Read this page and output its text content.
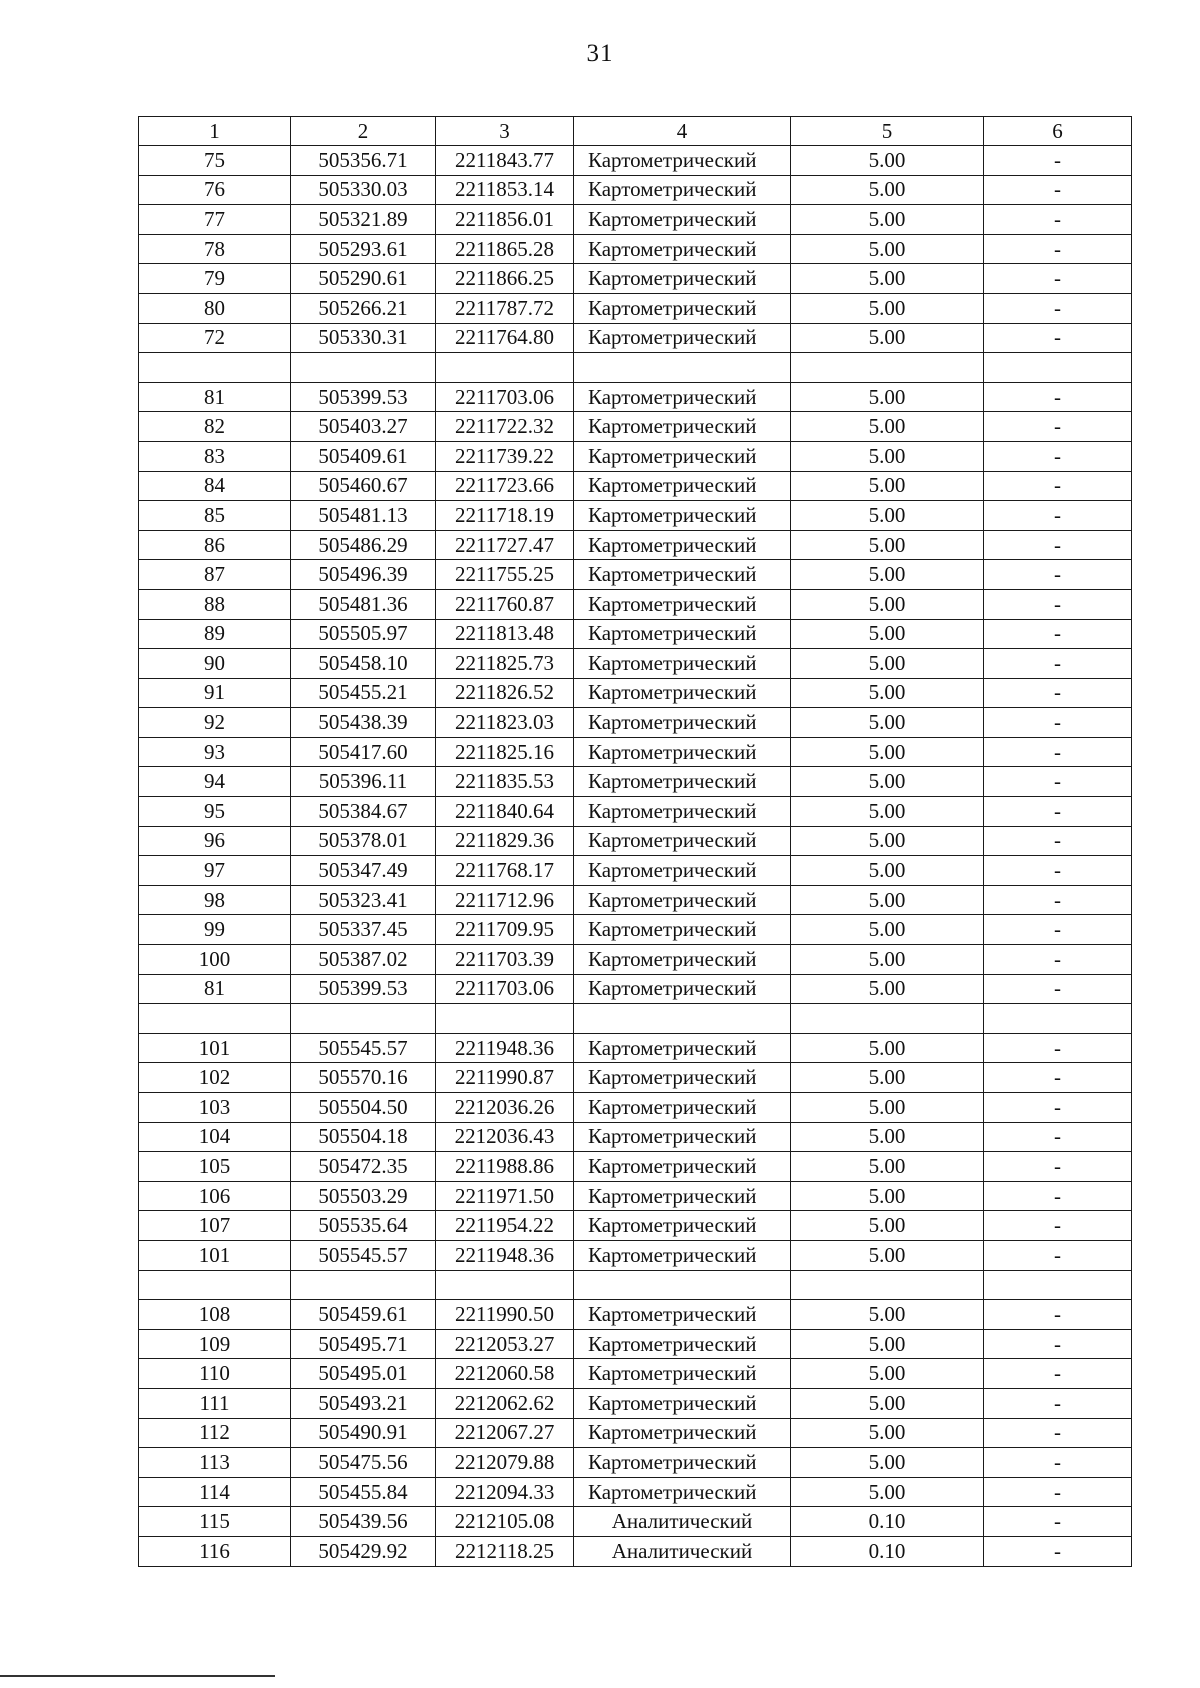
31
1	2	3	4	5	6
75	505356.71	2211843.77	Картометрический	5.00	-
76	505330.03	2211853.14	Картометрический	5.00	-
77	505321.89	2211856.01	Картометрический	5.00	-
78	505293.61	2211865.28	Картометрический	5.00	-
79	505290.61	2211866.25	Картометрический	5.00	-
80	505266.21	2211787.72	Картометрический	5.00	-
72	505330.31	2211764.80	Картометрический	5.00	-

81	505399.53	2211703.06	Картометрический	5.00	-
82	505403.27	2211722.32	Картометрический	5.00	-
83	505409.61	2211739.22	Картометрический	5.00	-
84	505460.67	2211723.66	Картометрический	5.00	-
85	505481.13	2211718.19	Картометрический	5.00	-
86	505486.29	2211727.47	Картометрический	5.00	-
87	505496.39	2211755.25	Картометрический	5.00	-
88	505481.36	2211760.87	Картометрический	5.00	-
89	505505.97	2211813.48	Картометрический	5.00	-
90	505458.10	2211825.73	Картометрический	5.00	-
91	505455.21	2211826.52	Картометрический	5.00	-
92	505438.39	2211823.03	Картометрический	5.00	-
93	505417.60	2211825.16	Картометрический	5.00	-
94	505396.11	2211835.53	Картометрический	5.00	-
95	505384.67	2211840.64	Картометрический	5.00	-
96	505378.01	2211829.36	Картометрический	5.00	-
97	505347.49	2211768.17	Картометрический	5.00	-
98	505323.41	2211712.96	Картометрический	5.00	-
99	505337.45	2211709.95	Картометрический	5.00	-
100	505387.02	2211703.39	Картометрический	5.00	-
81	505399.53	2211703.06	Картометрический	5.00	-

101	505545.57	2211948.36	Картометрический	5.00	-
102	505570.16	2211990.87	Картометрический	5.00	-
103	505504.50	2212036.26	Картометрический	5.00	-
104	505504.18	2212036.43	Картометрический	5.00	-
105	505472.35	2211988.86	Картометрический	5.00	-
106	505503.29	2211971.50	Картометрический	5.00	-
107	505535.64	2211954.22	Картометрический	5.00	-
101	505545.57	2211948.36	Картометрический	5.00	-

108	505459.61	2211990.50	Картометрический	5.00	-
109	505495.71	2212053.27	Картометрический	5.00	-
110	505495.01	2212060.58	Картометрический	5.00	-
111	505493.21	2212062.62	Картометрический	5.00	-
112	505490.91	2212067.27	Картометрический	5.00	-
113	505475.56	2212079.88	Картометрический	5.00	-
114	505455.84	2212094.33	Картометрический	5.00	-
115	505439.56	2212105.08	Аналитический	0.10	-
116	505429.92	2212118.25	Аналитический	0.10	-
